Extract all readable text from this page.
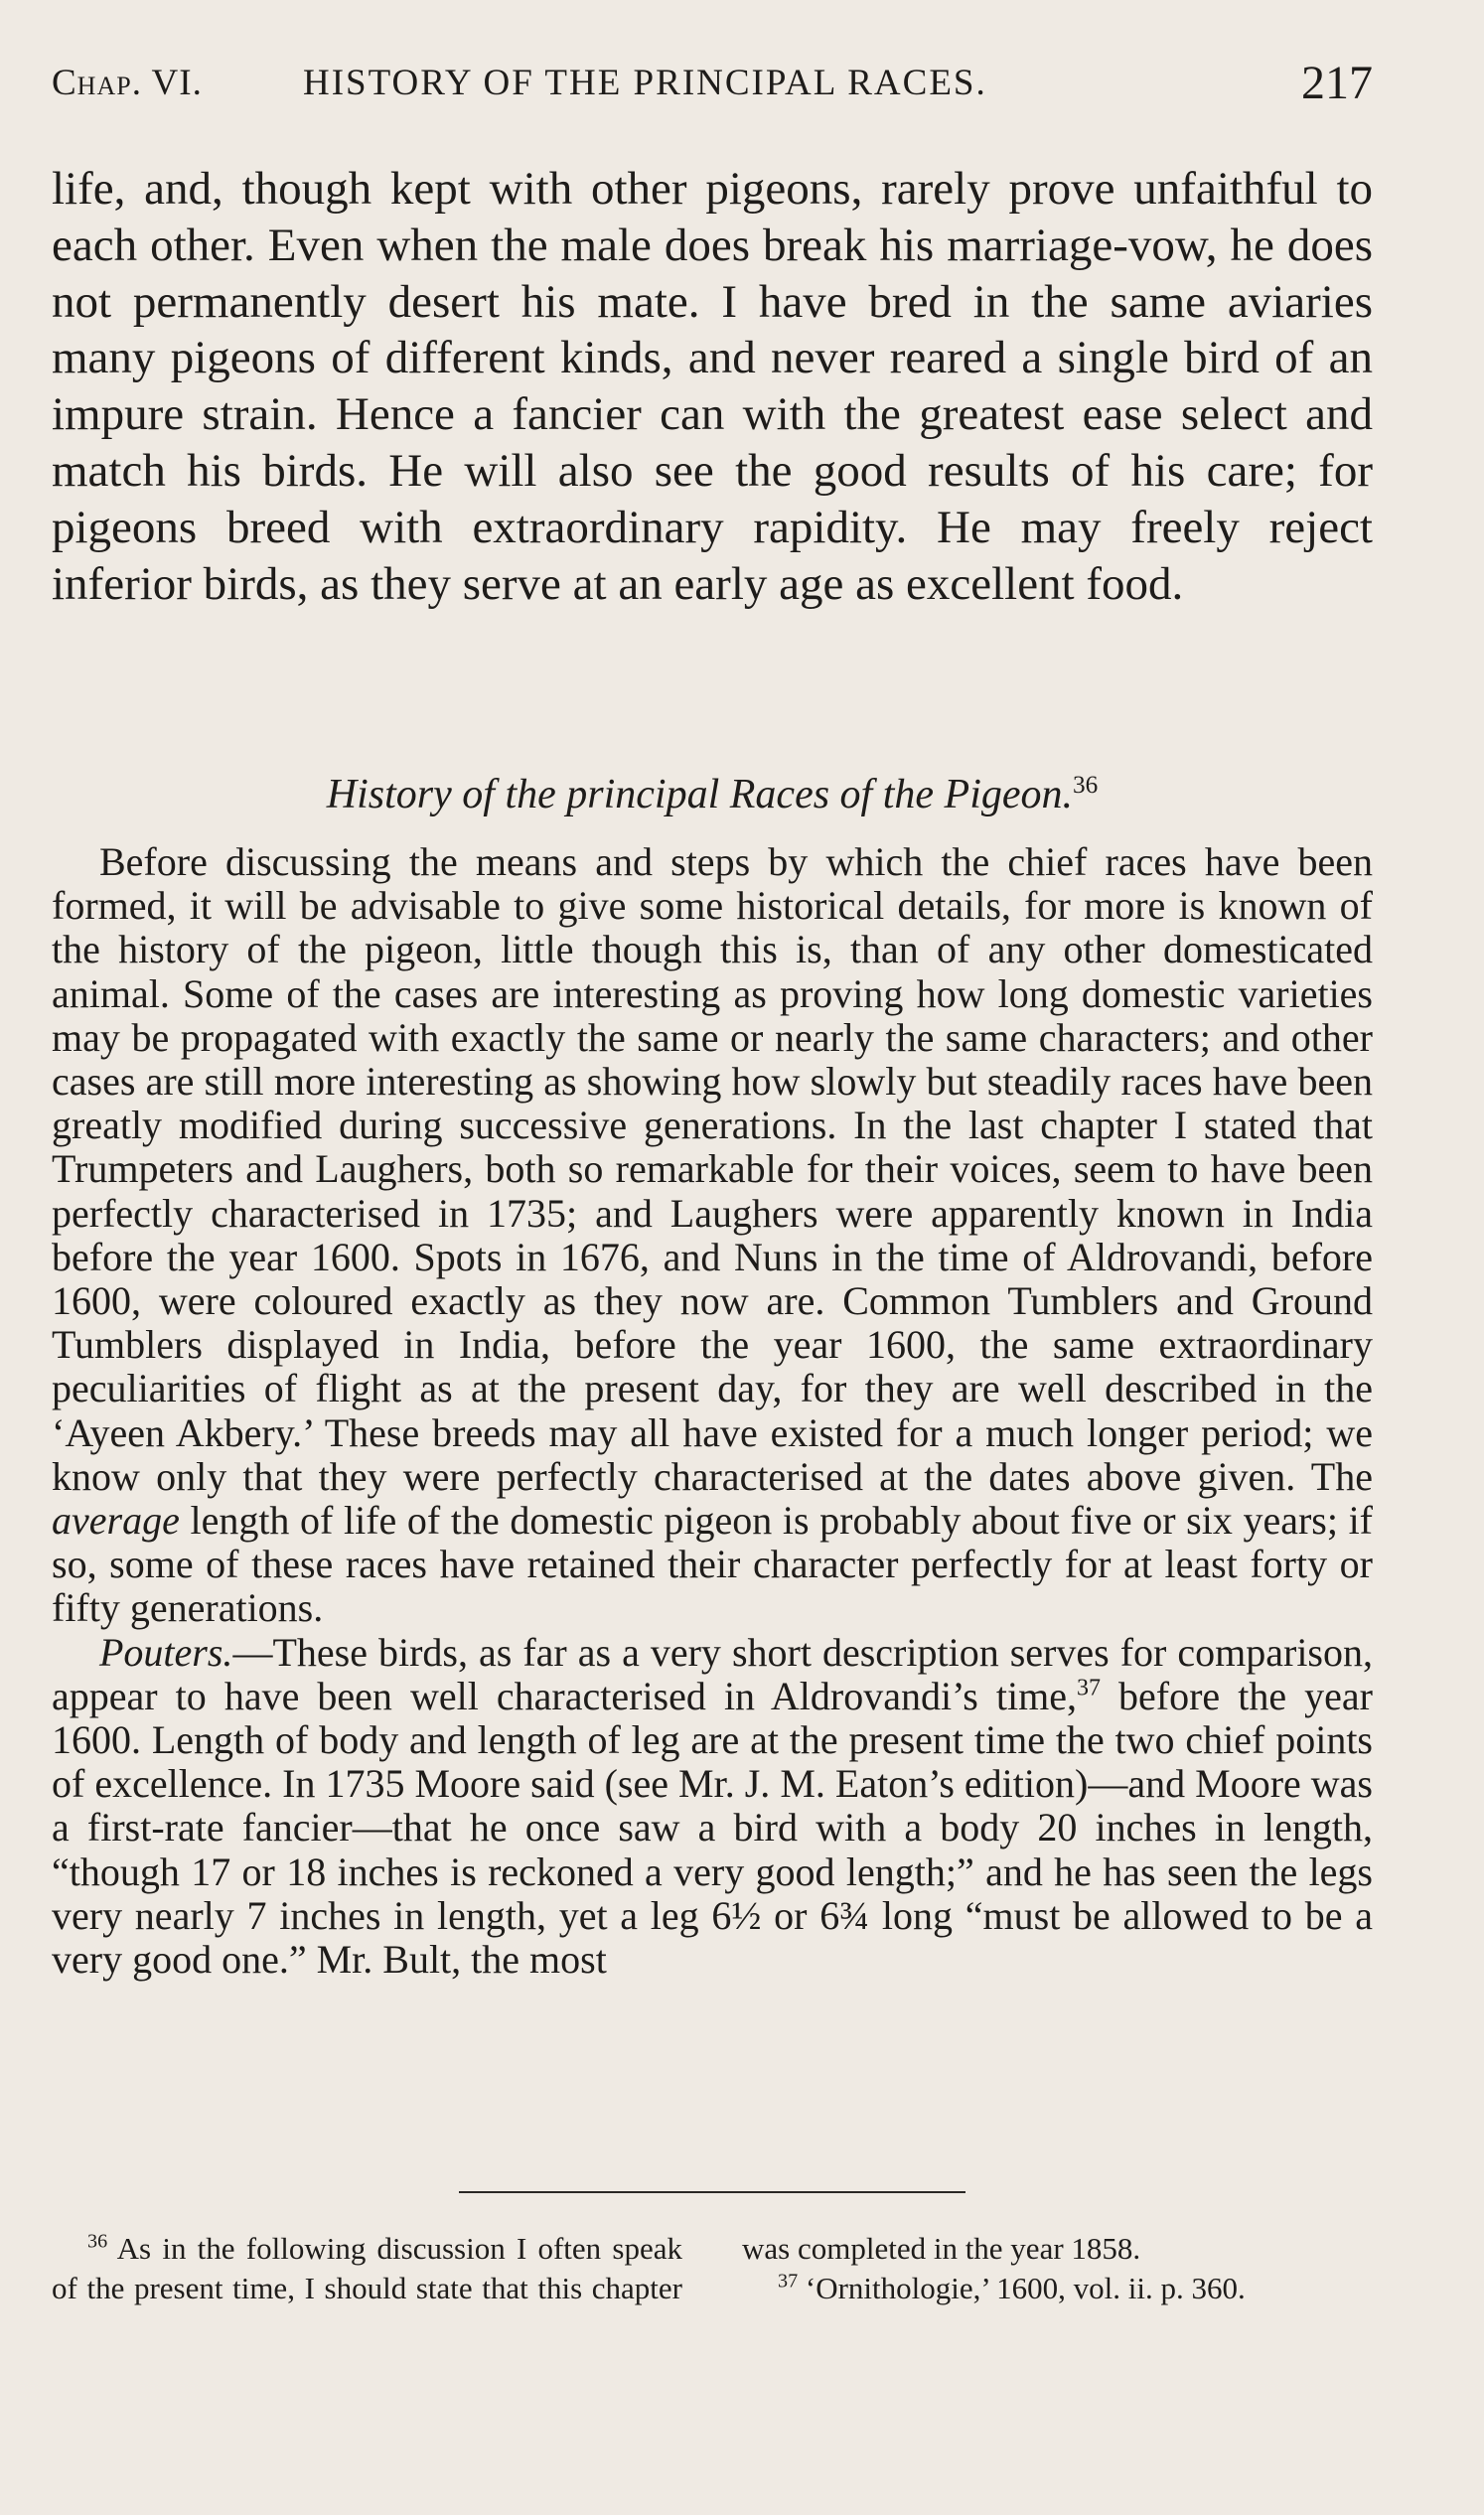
Chap. VI.	HISTORY OF THE PRINCIPAL RACES.	217
life, and, though kept with other pigeons, rarely prove unfaithful to each other. Even when the male does break his marriage-vow, he does not permanently desert his mate. I have bred in the same aviaries many pigeons of different kinds, and never reared a single bird of an impure strain. Hence a fancier can with the greatest ease select and match his birds. He will also see the good results of his care; for pigeons breed with extraordinary rapidity. He may freely reject inferior birds, as they serve at an early age as excellent food.
History of the principal Races of the Pigeon.$^{36}$

Before discussing the means and steps by which the chief races have been formed, it will be advisable to give some historical details, for more is known of the history of the pigeon, little though this is, than of any other domesticated animal. Some of the cases are interesting as proving how long domestic varieties may be propagated with exactly the same or nearly the same characters; and other cases are still more interesting as showing how slowly but steadily races have been greatly modified during successive generations. In the last chapter I stated that Trumpeters and Laughers, both so remarkable for their voices, seem to have been perfectly characterised in 1735; and Laughers were apparently known in India before the year 1600. Spots in 1676, and Nuns in the time of Aldrovandi, before 1600, were coloured exactly as they now are. Common Tumblers and Ground Tumblers displayed in India, before the year 1600, the same extraordinary peculiarities of flight as at the present day, for they are well described in the ‘Ayeen Akbery.’ These breeds may all have existed for a much longer period; we know only that they were perfectly characterised at the dates above given. The average length of life of the domestic pigeon is probably about five or six years; if so, some of these races have retained their character perfectly for at least forty or fifty generations.

Pouters.—These birds, as far as a very short description serves for comparison, appear to have been well characterised in Aldrovandi’s time,$^{37}$ before the year 1600. Length of body and length of leg are at the present time the two chief points of excellence. In 1735 Moore said (see Mr. J. M. Eaton’s edition)—and Moore was a first-rate fancier—that he once saw a bird with a body 20 inches in length, “though 17 or 18 inches is reckoned a very good length;” and he has seen the legs very nearly 7 inches in length, yet a leg 6½ or 6¾ long “must be allowed to be a very good one.” Mr. Bult, the most

$^{36}$ As in the following discussion I often speak of the present time, I should state that this chapter was completed in the year 1858.

$^{37}$ ‘Ornithologie,’ 1600, vol. ii. p. 360.
